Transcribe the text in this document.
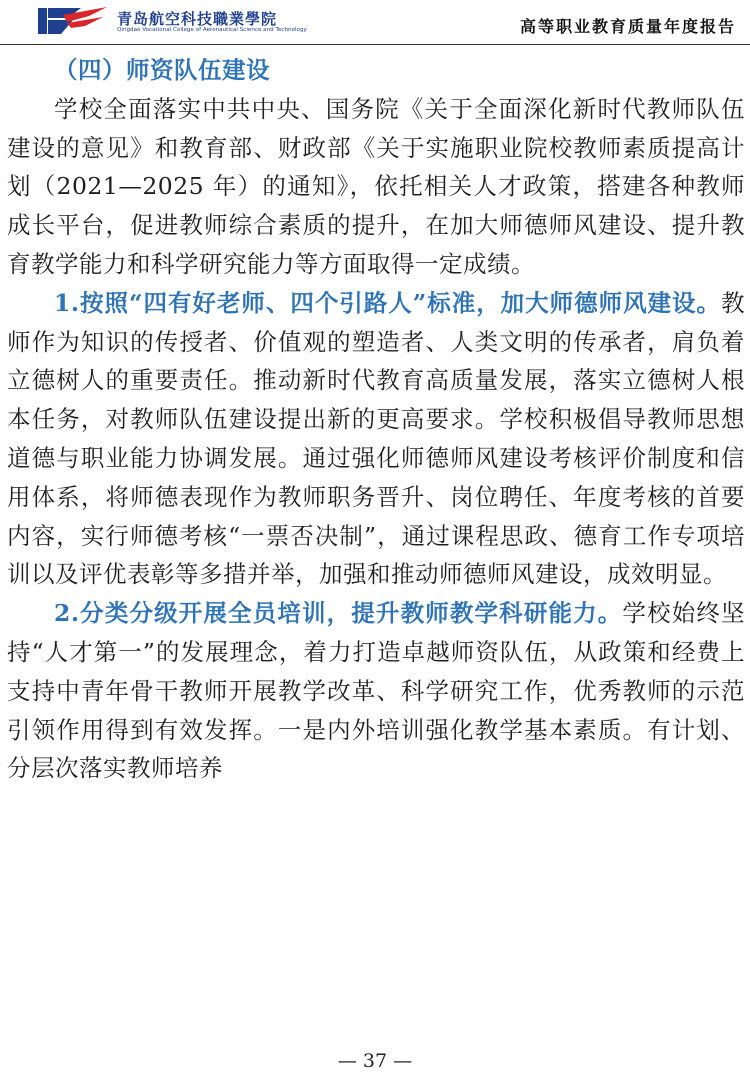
青岛航空科技職業學院
Qingdao Vocational College of Aeronautical Science and Technology	高等职业教育质量年度报告

（四）师资队伍建设

学校全面落实中共中央、国务院《关于全面深化新时代教师队伍建设的意见》和教育部、财政部《关于实施职业院校教师素质提高计划（2021—2025 年）的通知》，依托相关人才政策，搭建各种教师成长平台，促进教师综合素质的提升，在加大师德师风建设、提升教育教学能力和科学研究能力等方面取得一定成绩。

1.按照“四有好老师、四个引路人”标准，加大师德师风建设。教师作为知识的传授者、价值观的塑造者、人类文明的传承者，肩负着立德树人的重要责任。推动新时代教育高质量发展，落实立德树人根本任务，对教师队伍建设提出新的更高要求。学校积极倡导教师思想道德与职业能力协调发展。通过强化师德师风建设考核评价制度和信用体系，将师德表现作为教师职务晋升、岗位聘任、年度考核的首要内容，实行师德考核“一票否决制”，通过课程思政、德育工作专项培训以及评优表彰等多措并举，加强和推动师德师风建设，成效明显。

2.分类分级开展全员培训，提升教师教学科研能力。学校始终坚持“人才第一”的发展理念，着力打造卓越师资队伍，从政策和经费上支持中青年骨干教师开展教学改革、科学研究工作，优秀教师的示范引领作用得到有效发挥。一是内外培训强化教学基本素质。有计划、分层次落实教师培养

— 37 —
